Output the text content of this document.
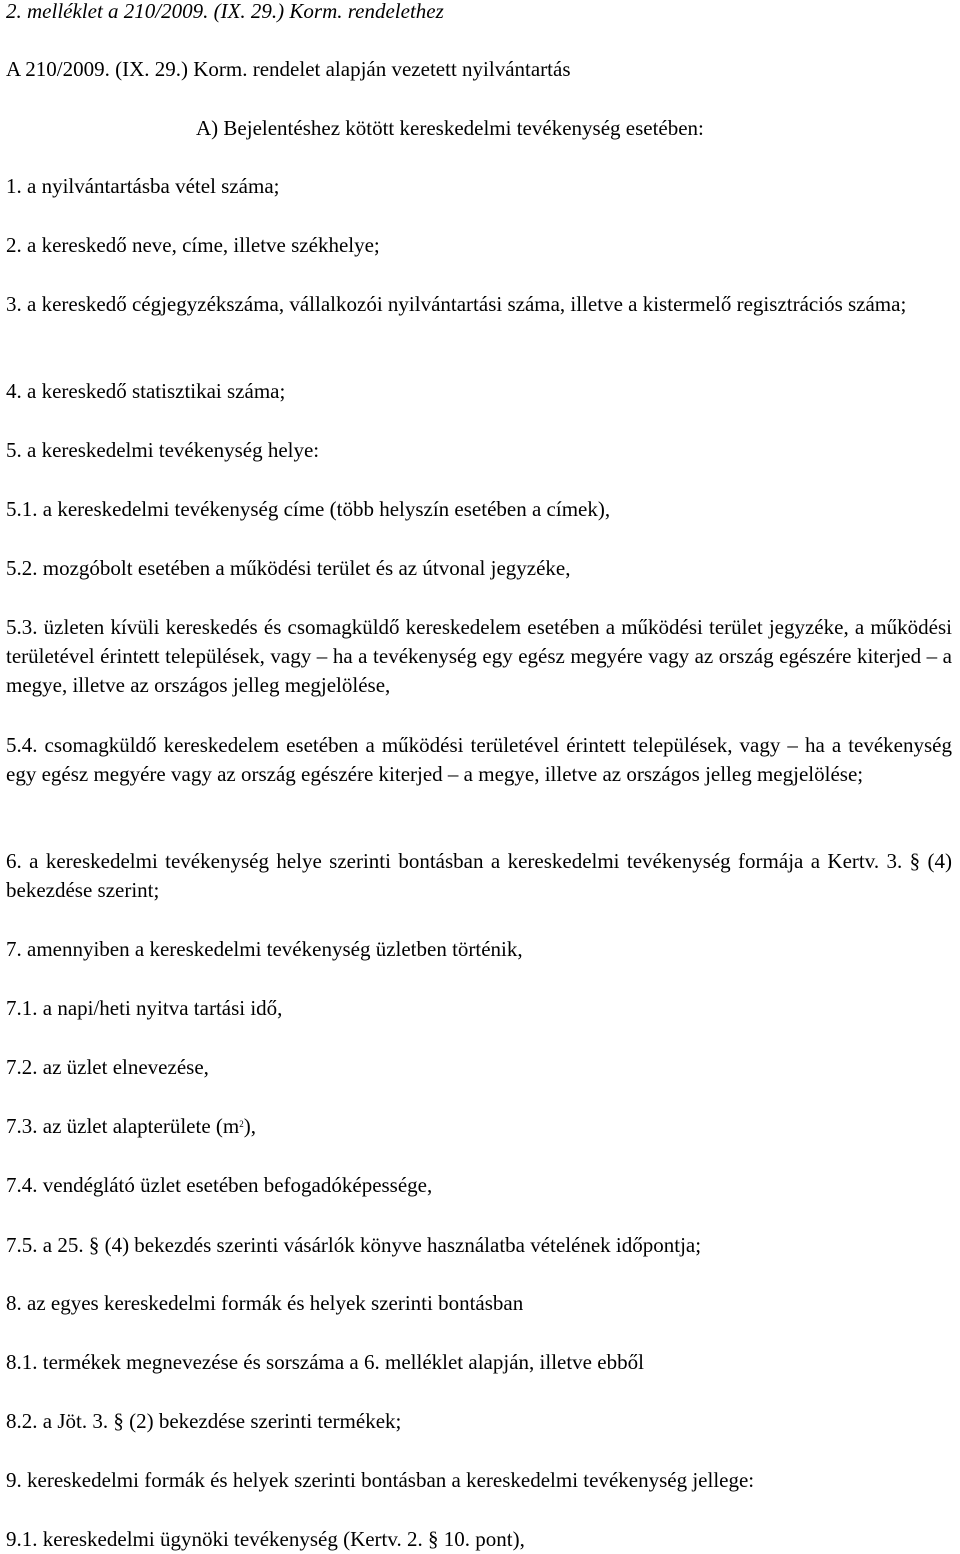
2. melléklet a 210/2009. (IX. 29.) Korm. rendelethez
A 210/2009. (IX. 29.) Korm. rendelet alapján vezetett nyilvántartás
A) Bejelentéshez kötött kereskedelmi tevékenység esetében:
1. a nyilvántartásba vétel száma;
2. a kereskedő neve, címe, illetve székhelye;
3. a kereskedő cégjegyzékszáma, vállalkozói nyilvántartási száma, illetve a kistermelő regisztrációs száma;
4. a kereskedő statisztikai száma;
5. a kereskedelmi tevékenység helye:
5.1. a kereskedelmi tevékenység címe (több helyszín esetében a címek),
5.2. mozgóbolt esetében a működési terület és az útvonal jegyzéke,
5.3. üzleten kívüli kereskedés és csomagküldő kereskedelem esetében a működési terület jegyzéke, a működési területével érintett települések, vagy – ha a tevékenység egy egész megyére vagy az ország egészére kiterjed – a megye, illetve az országos jelleg megjelölése,
5.4. csomagküldő kereskedelem esetében a működési területével érintett települések, vagy – ha a tevékenység egy egész megyére vagy az ország egészére kiterjed – a megye, illetve az országos jelleg megjelölése;
6. a kereskedelmi tevékenység helye szerinti bontásban a kereskedelmi tevékenység formája a Kertv. 3. § (4) bekezdése szerint;
7. amennyiben a kereskedelmi tevékenység üzletben történik,
7.1. a napi/heti nyitva tartási idő,
7.2. az üzlet elnevezése,
7.3. az üzlet alapterülete $(m^2)$,
7.4. vendéglátó üzlet esetében befogadóképessége,
7.5. a 25. § (4) bekezdés szerinti vásárlók könyve használatba vételének időpontja;
8. az egyes kereskedelmi formák és helyek szerinti bontásban
8.1. termékek megnevezése és sorszáma a 6. melléklet alapján, illetve ebből
8.2. a Jöt. 3. § (2) bekezdése szerinti termékek;
9. kereskedelmi formák és helyek szerinti bontásban a kereskedelmi tevékenység jellege:
9.1. kereskedelmi ügynöki tevékenység (Kertv. 2. § 10. pont),
